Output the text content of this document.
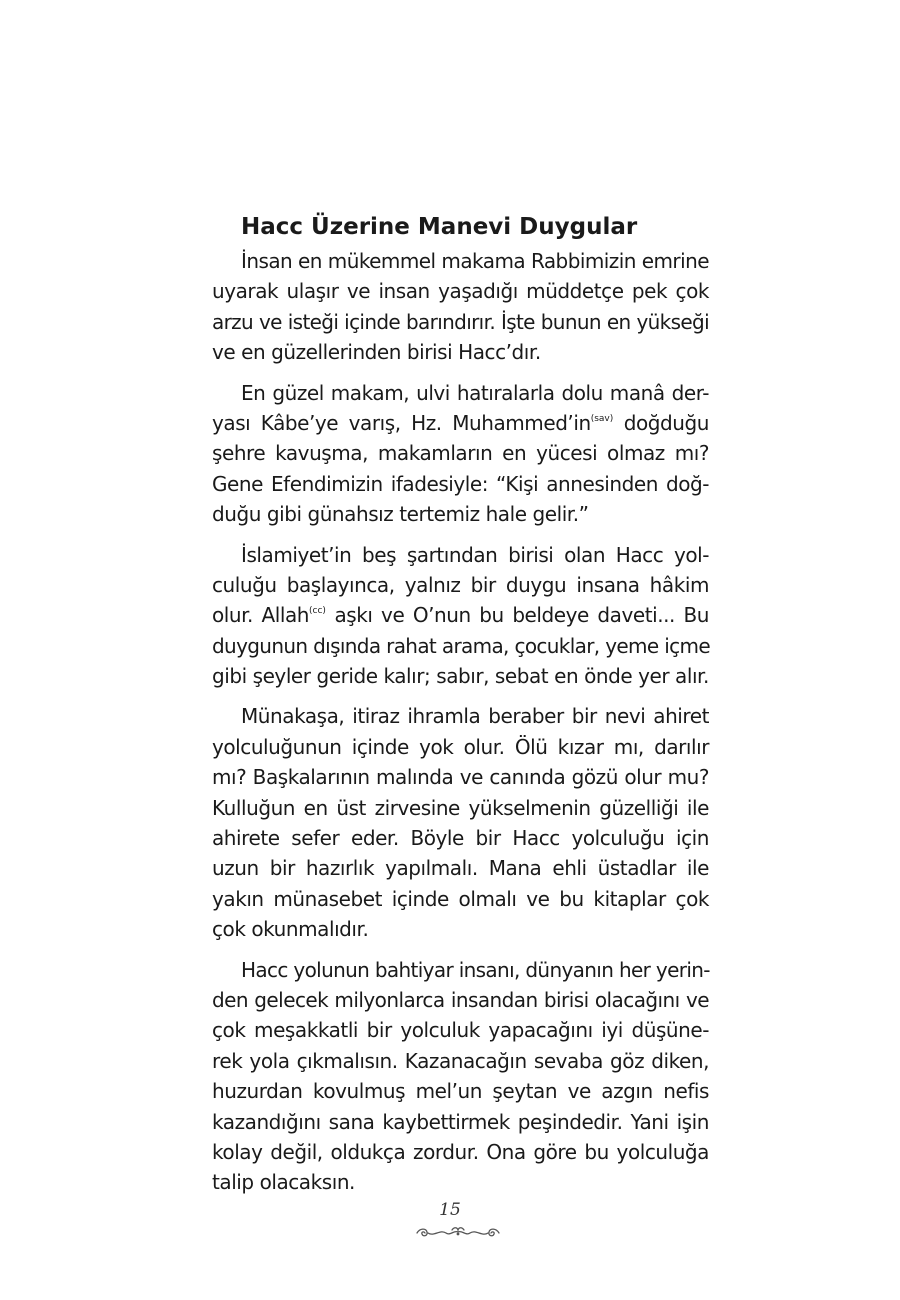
Hacc Üzerine Manevi Duygular
İnsan en mükemmel makama Rabbimizin emrine
uyarak ulaşır ve insan yaşadığı müddetçe pek çok
arzu ve isteği içinde barındırır. İşte bunun en yükseği
ve en güzellerinden birisi Hacc’dır.
En güzel makam, ulvi hatıralarla dolu manâ der-
yası Kâbe’ye varış, Hz. $Muhammed’in^{(sav)}$ doğduğu
şehre kavuşma, makamların en yücesi olmaz mı?
Gene Efendimizin ifadesiyle: “Kişi annesinden doğ-
duğu gibi günahsız tertemiz hale gelir.”
İslamiyet’in beş şartından birisi olan Hacc yol-
culuğu başlayınca, yalnız bir duygu insana hâkim
olur. Allah$^{(cc)}$ aşkı ve O’nun bu beldeye daveti... Bu
duygunun dışında rahat arama, çocuklar, yeme içme
gibi şeyler geride kalır; sabır, sebat en önde yer alır.
Münakaşa, itiraz ihramla beraber bir nevi ahiret
yolculuğunun içinde yok olur. Ölü kızar mı, darılır
mı? Başkalarının malında ve canında gözü olur mu?
Kulluğun en üst zirvesine yükselmenin güzelliği ile
ahirete sefer eder. Böyle bir Hacc yolculuğu için
uzun bir hazırlık yapılmalı. Mana ehli üstadlar ile
yakın münasebet içinde olmalı ve bu kitaplar çok
çok okunmalıdır.
Hacc yolunun bahtiyar insanı, dünyanın her yerin-
den gelecek milyonlarca insandan birisi olacağını ve
çok meşakkatli bir yolculuk yapacağını iyi düşüne-
rek yola çıkmalısın. Kazanacağın sevaba göz diken,
huzurdan kovulmuş mel’un şeytan ve azgın nefis
kazandığını sana kaybettirmek peşindedir. Yani işin
kolay değil, oldukça zordur. Ona göre bu yolculuğa
talip olacaksın.
15
